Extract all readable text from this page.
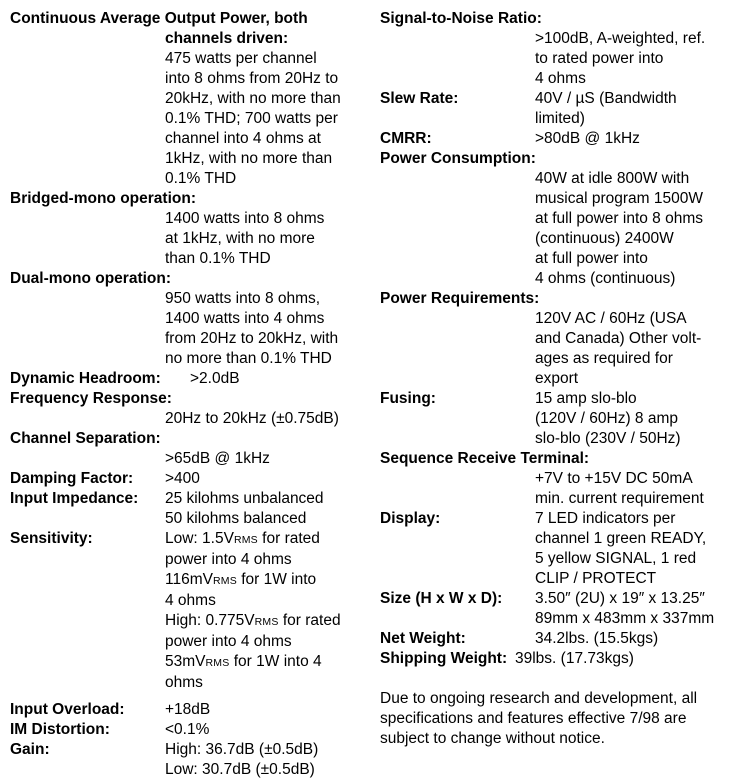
Continuous Average Output Power, both
channels driven:
475 watts per channel
into 8 ohms from 20Hz to
20kHz, with no more than
0.1% THD; 700 watts per
channel into 4 ohms at
1kHz, with no more than
0.1% THD
Bridged-mono operation:
1400 watts into 8 ohms
at 1kHz, with no more
than 0.1% THD
Dual-mono operation:
950 watts into 8 ohms,
1400 watts into 4 ohms
from 20Hz to 20kHz, with
no more than 0.1% THD
Dynamic Headroom: >2.0dB
Frequency Response:
20Hz to 20kHz (±0.75dB)
Channel Separation:
>65dB @ 1kHz
Damping Factor: >400
Input Impedance: 25 kilohms unbalanced
50 kilohms balanced
Sensitivity:	Low: 1.5VRMS for rated
power into 4 ohms
116mVRMS for 1W into
4 ohms
High: 0.775VRMS for rated
power into 4 ohms
53mVRMS for 1W into 4
ohms
Input Overload:	+18dB
IM Distortion:	<0.1%
Gain:	High: 36.7dB (±0.5dB)
Low: 30.7dB (±0.5dB)
Signal-to-Noise Ratio:
>100dB, A-weighted, ref.
to rated power into
4 ohms
Slew Rate:	40V / µS (Bandwidth
limited)
CMRR:	>80dB @ 1kHz
Power Consumption:
40W at idle 800W with
musical program 1500W
at full power into 8 ohms
(continuous) 2400W
at full power into
4 ohms (continuous)
Power Requirements:
120V AC / 60Hz (USA
and Canada) Other volt-
ages as required for
export
Fusing:	15 amp slo-blo
(120V / 60Hz) 8 amp
slo-blo (230V / 50Hz)
Sequence Receive Terminal:
+7V to +15V DC 50mA
min. current requirement
Display:	7 LED indicators per
channel 1 green READY,
5 yellow SIGNAL, 1 red
CLIP / PROTECT
Size (H x W x D): 3.50″ (2U) x 19″ x 13.25″
89mm x 483mm x 337mm
Net Weight:	34.2lbs. (15.5kgs)
Shipping Weight: 39lbs. (17.73kgs)
Due to ongoing research and development, all
specifications and features effective 7/98 are
subject to change without notice.
